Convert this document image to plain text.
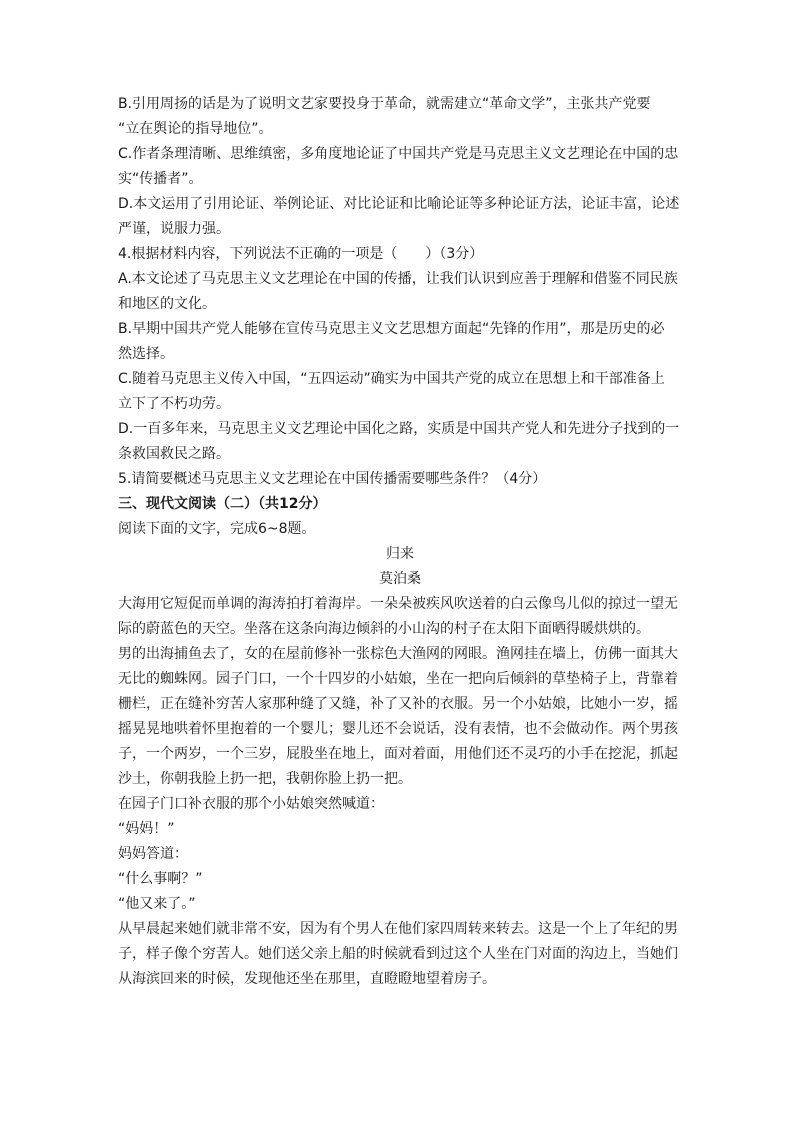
B.引用周扬的话是为了说明文艺家要投身于革命，就需建立“革命文学”，主张共产党要
“立在舆论的指导地位”。
C.作者条理清晰、思维缜密，多角度地论证了中国共产党是马克思主义文艺理论在中国的忠
实“传播者”。
D.本文运用了引用论证、举例论证、对比论证和比喻论证等多种论证方法，论证丰富，论述
严谨，说服力强。
4.根据材料内容，下列说法不正确的一项是（　　）（3分）
A.本文论述了马克思主义文艺理论在中国的传播，让我们认识到应善于理解和借鉴不同民族
和地区的文化。
B.早期中国共产党人能够在宣传马克思主义文艺思想方面起“先锋的作用”，那是历史的必
然选择。
C.随着马克思主义传入中国，“五四运动”确实为中国共产党的成立在思想上和干部准备上
立下了不朽功劳。
D.一百多年来，马克思主义文艺理论中国化之路，实质是中国共产党人和先进分子找到的一
条救国救民之路。
5.请简要概述马克思主义文艺理论在中国传播需要哪些条件？（4分）
三、现代文阅读（二）（共12分）
阅读下面的文字，完成6~8题。
归来
莫泊桑
大海用它短促而单调的海涛拍打着海岸。一朵朵被疾风吹送着的白云像鸟儿似的掠过一望无
际的蔚蓝色的天空。坐落在这条向海边倾斜的小山沟的村子在太阳下面晒得暖烘烘的。
男的出海捕鱼去了，女的在屋前修补一张棕色大渔网的网眼。渔网挂在墙上，仿佛一面其大
无比的蜘蛛网。园子门口，一个十四岁的小姑娘，坐在一把向后倾斜的草垫椅子上，背靠着
栅栏，正在缝补穷苦人家那种缝了又缝，补了又补的衣服。另一个小姑娘，比她小一岁，摇
摇晃晃地哄着怀里抱着的一个婴儿；婴儿还不会说话，没有表情，也不会做动作。两个男孩
子，一个两岁，一个三岁，屁股坐在地上，面对着面，用他们还不灵巧的小手在挖泥，抓起
沙土，你朝我脸上扔一把，我朝你脸上扔一把。
在园子门口补衣服的那个小姑娘突然喊道：
“妈妈！”
妈妈答道：
“什么事啊？”
“他又来了。”
从早晨起来她们就非常不安，因为有个男人在他们家四周转来转去。这是一个上了年纪的男
子，样子像个穷苦人。她们送父亲上船的时候就看到过这个人坐在门对面的沟边上，当她们
从海滨回来的时候，发现他还坐在那里，直瞪瞪地望着房子。
